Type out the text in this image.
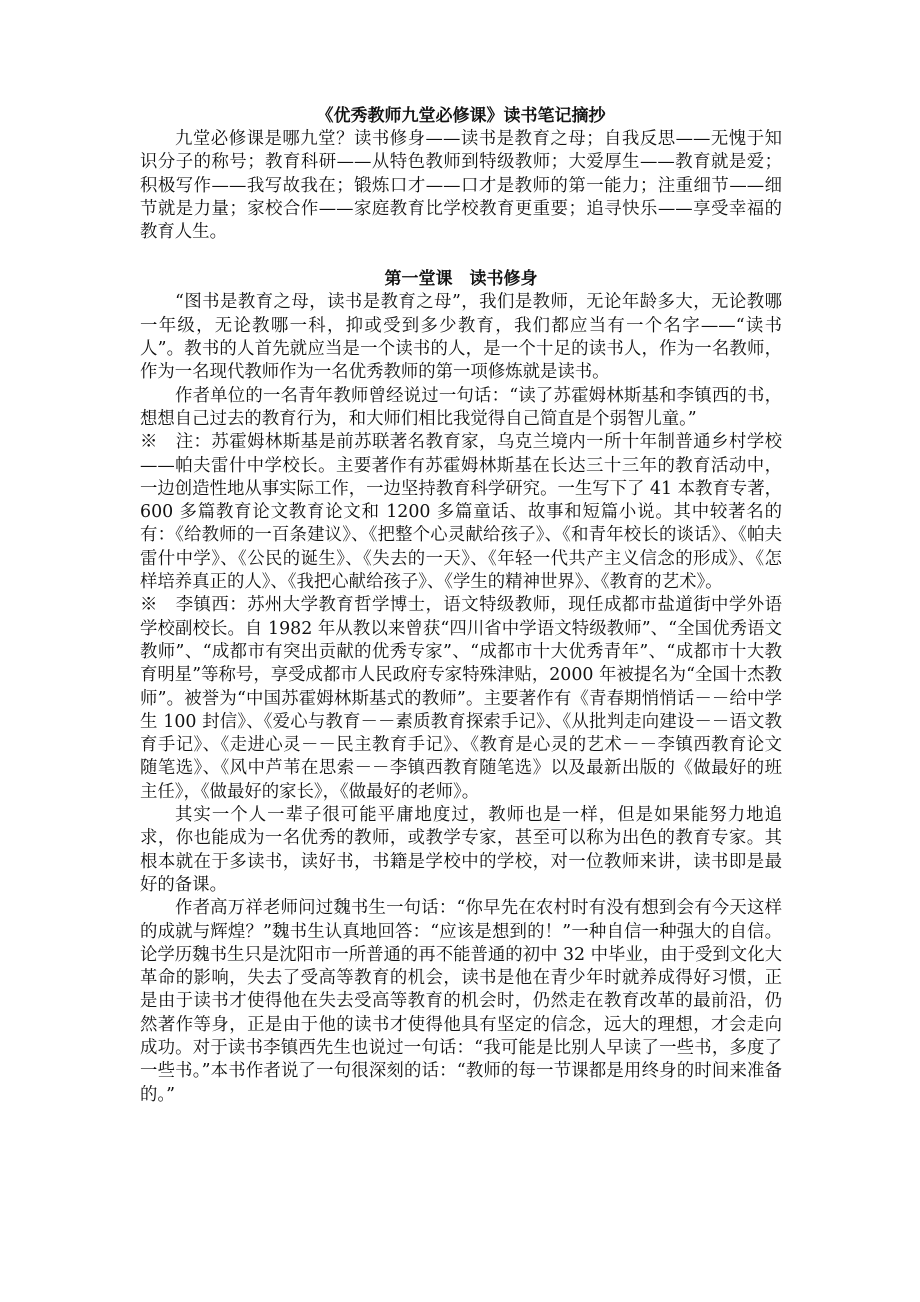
《优秀教师九堂必修课》读书笔记摘抄

九堂必修课是哪九堂？读书修身——读书是教育之母；自我反思——无愧于知识分子的称号；教育科研——从特色教师到特级教师；大爱厚生——教育就是爱；积极写作——我写故我在；锻炼口才——口才是教师的第一能力；注重细节——细节就是力量；家校合作——家庭教育比学校教育更重要；追寻快乐——享受幸福的教育人生。

第一堂课　读书修身

“图书是教育之母，读书是教育之母”，我们是教师，无论年龄多大，无论教哪一年级，无论教哪一科，抑或受到多少教育，我们都应当有一个名字——“读书人”。教书的人首先就应当是一个读书的人，是一个十足的读书人，作为一名教师，作为一名现代教师作为一名优秀教师的第一项修炼就是读书。

作者单位的一名青年教师曾经说过一句话：“读了苏霍姆林斯基和李镇西的书，想想自己过去的教育行为，和大师们相比我觉得自己简直是个弱智儿童。”

※　注：苏霍姆林斯基是前苏联著名教育家，乌克兰境内一所十年制普通乡村学校——帕夫雷什中学校长。主要著作有苏霍姆林斯基在长达三十三年的教育活动中，一边创造性地从事实际工作，一边坚持教育科学研究。一生写下了 41 本教育专著，600 多篇教育论文教育论文和 1200 多篇童话、故事和短篇小说。其中较著名的有：《给教师的一百条建议》、《把整个心灵献给孩子》、《和青年校长的谈话》、《帕夫雷什中学》、《公民的诞生》、《失去的一天》、《年轻一代共产主义信念的形成》、《怎样培养真正的人》、《我把心献给孩子》、《学生的精神世界》、《教育的艺术》。

※　李镇西：苏州大学教育哲学博士，语文特级教师，现任成都市盐道街中学外语学校副校长。自 1982 年从教以来曾获“四川省中学语文特级教师”、“全国优秀语文教师”、“成都市有突出贡献的优秀专家”、“成都市十大优秀青年”、“成都市十大教育明星”等称号，享受成都市人民政府专家特殊津贴，2000 年被提名为“全国十杰教师”。被誉为“中国苏霍姆林斯基式的教师”。主要著作有《青春期悄悄话－－给中学生 100 封信》、《爱心与教育－－素质教育探索手记》、《从批判走向建设－－语文教育手记》、《走进心灵－－民主教育手记》、《教育是心灵的艺术－－李镇西教育论文随笔选》、《风中芦苇在思索－－李镇西教育随笔选》以及最新出版的《做最好的班主任》，《做最好的家长》，《做最好的老师》。

其实一个人一辈子很可能平庸地度过，教师也是一样，但是如果能努力地追求，你也能成为一名优秀的教师，或教学专家，甚至可以称为出色的教育专家。其根本就在于多读书，读好书，书籍是学校中的学校，对一位教师来讲，读书即是最好的备课。

作者高万祥老师问过魏书生一句话：“你早先在农村时有没有想到会有今天这样的成就与辉煌？”魏书生认真地回答：“应该是想到的！”一种自信一种强大的自信。论学历魏书生只是沈阳市一所普通的再不能普通的初中 32 中毕业，由于受到文化大革命的影响，失去了受高等教育的机会，读书是他在青少年时就养成得好习惯，正是由于读书才使得他在失去受高等教育的机会时，仍然走在教育改革的最前沿，仍然著作等身，正是由于他的读书才使得他具有坚定的信念，远大的理想，才会走向成功。对于读书李镇西先生也说过一句话：“我可能是比别人早读了一些书，多度了一些书。”本书作者说了一句很深刻的话：“教师的每一节课都是用终身的时间来准备的。”
